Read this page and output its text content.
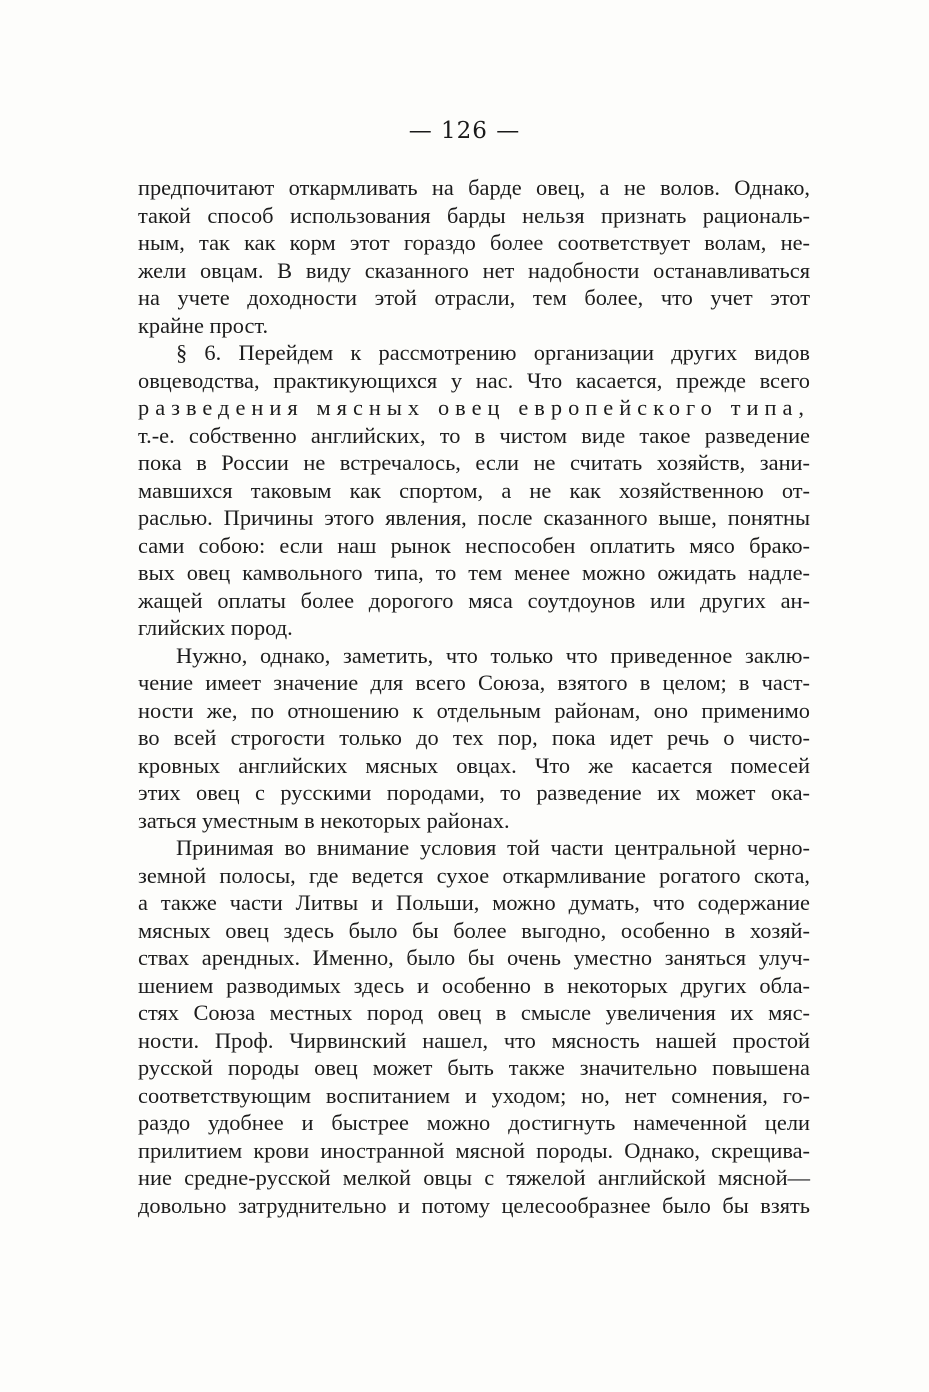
— 126 —
предпочитают откармливать на барде овец, а не волов. Однако,
такой способ использования барды нельзя признать рациональ-
ным, так как корм этот гораздо более соответствует волам, не-
жели овцам. В виду сказанного нет надобности останавливаться
на учете доходности этой отрасли, тем более, что учет этот
крайне прост.
§ 6. Перейдем к рассмотрению организации других видов
овцеводства, практикующихся у нас. Что касается, прежде всего
разведения мясных овец европейского типа,
т.-е. собственно английских, то в чистом виде такое разведение
пока в России не встречалось, если не считать хозяйств, зани-
мавшихся таковым как спортом, а не как хозяйственною от-
раслью. Причины этого явления, после сказанного выше, понятны
сами собою: если наш рынок неспособен оплатить мясо брако-
вых овец камвольного типа, то тем менее можно ожидать надле-
жащей оплаты более дорогого мяса соутдоунов или других ан-
глийских пород.
Нужно, однако, заметить, что только что приведенное заклю-
чение имеет значение для всего Союза, взятого в целом; в част-
ности же, по отношению к отдельным районам, оно применимо
во всей строгости только до тех пор, пока идет речь о чисто-
кровных английских мясных овцах. Что же касается помесей
этих овец с русскими породами, то разведение их может ока-
заться уместным в некоторых районах.
Принимая во внимание условия той части центральной черно-
земной полосы, где ведется сухое откармливание рогатого скота,
а также части Литвы и Польши, можно думать, что содержание
мясных овец здесь было бы более выгодно, особенно в хозяй-
ствах арендных. Именно, было бы очень уместно заняться улуч-
шением разводимых здесь и особенно в некоторых других обла-
стях Союза местных пород овец в смысле увеличения их мяс-
ности. Проф. Чирвинский нашел, что мясность нашей простой
русской породы овец может быть также значительно повышена
соответствующим воспитанием и уходом; но, нет сомнения, го-
раздо удобнее и быстрее можно достигнуть намеченной цели
прилитием крови иностранной мясной породы. Однако, скрещива-
ние средне-русской мелкой овцы с тяжелой английской мясной—
довольно затруднительно и потому целесообразнее было бы взять
